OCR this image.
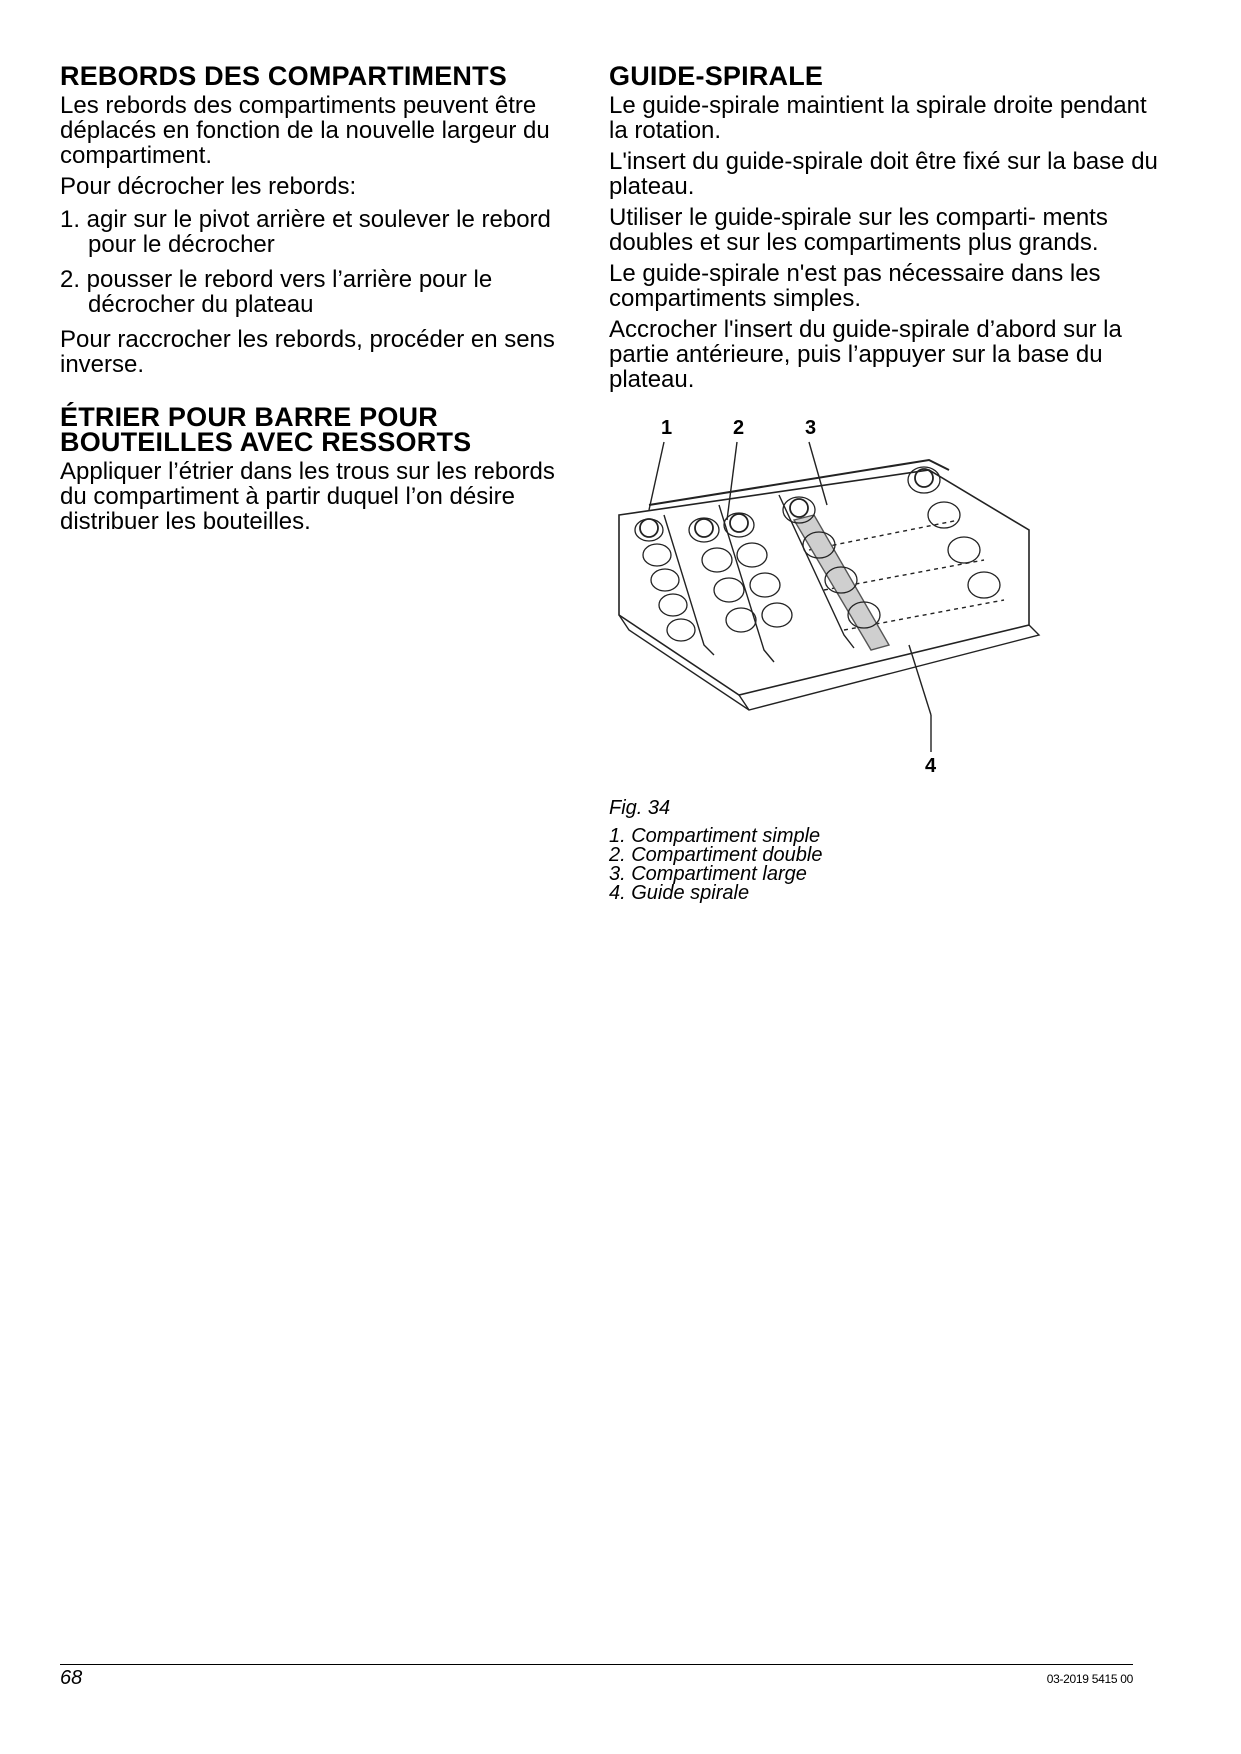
REBORDS DES COMPARTIMENTS

Les rebords des compartiments peuvent être déplacés en fonction de la nouvelle largeur du compartiment.

Pour décrocher les rebords:

1. agir sur le pivot arrière et soulever le rebord pour le décrocher
2. pousser le rebord vers l’arrière pour le décrocher du plateau

Pour raccrocher les rebords, procéder en sens inverse.

ÉTRIER POUR BARRE POUR BOUTEILLES AVEC RESSORTS

Appliquer l’étrier dans les trous sur les rebords du compartiment à partir duquel l’on désire distribuer les bouteilles.

GUIDE-SPIRALE

Le guide-spirale maintient la spirale droite pendant la rotation.

L'insert du guide-spirale doit être fixé sur la base du plateau.

Utiliser le guide-spirale sur les comparti- ments doubles et sur les compartiments plus grands.

Le guide-spirale n'est pas nécessaire dans les compartiments simples.

Accrocher l'insert du guide-spirale d’abord sur la partie antérieure, puis l’appuyer sur la base du plateau.

1	2	3
4

Fig. 34

1. Compartiment simple
2. Compartiment double
3. Compartiment large
4. Guide spirale
68	03-2019 5415 00
